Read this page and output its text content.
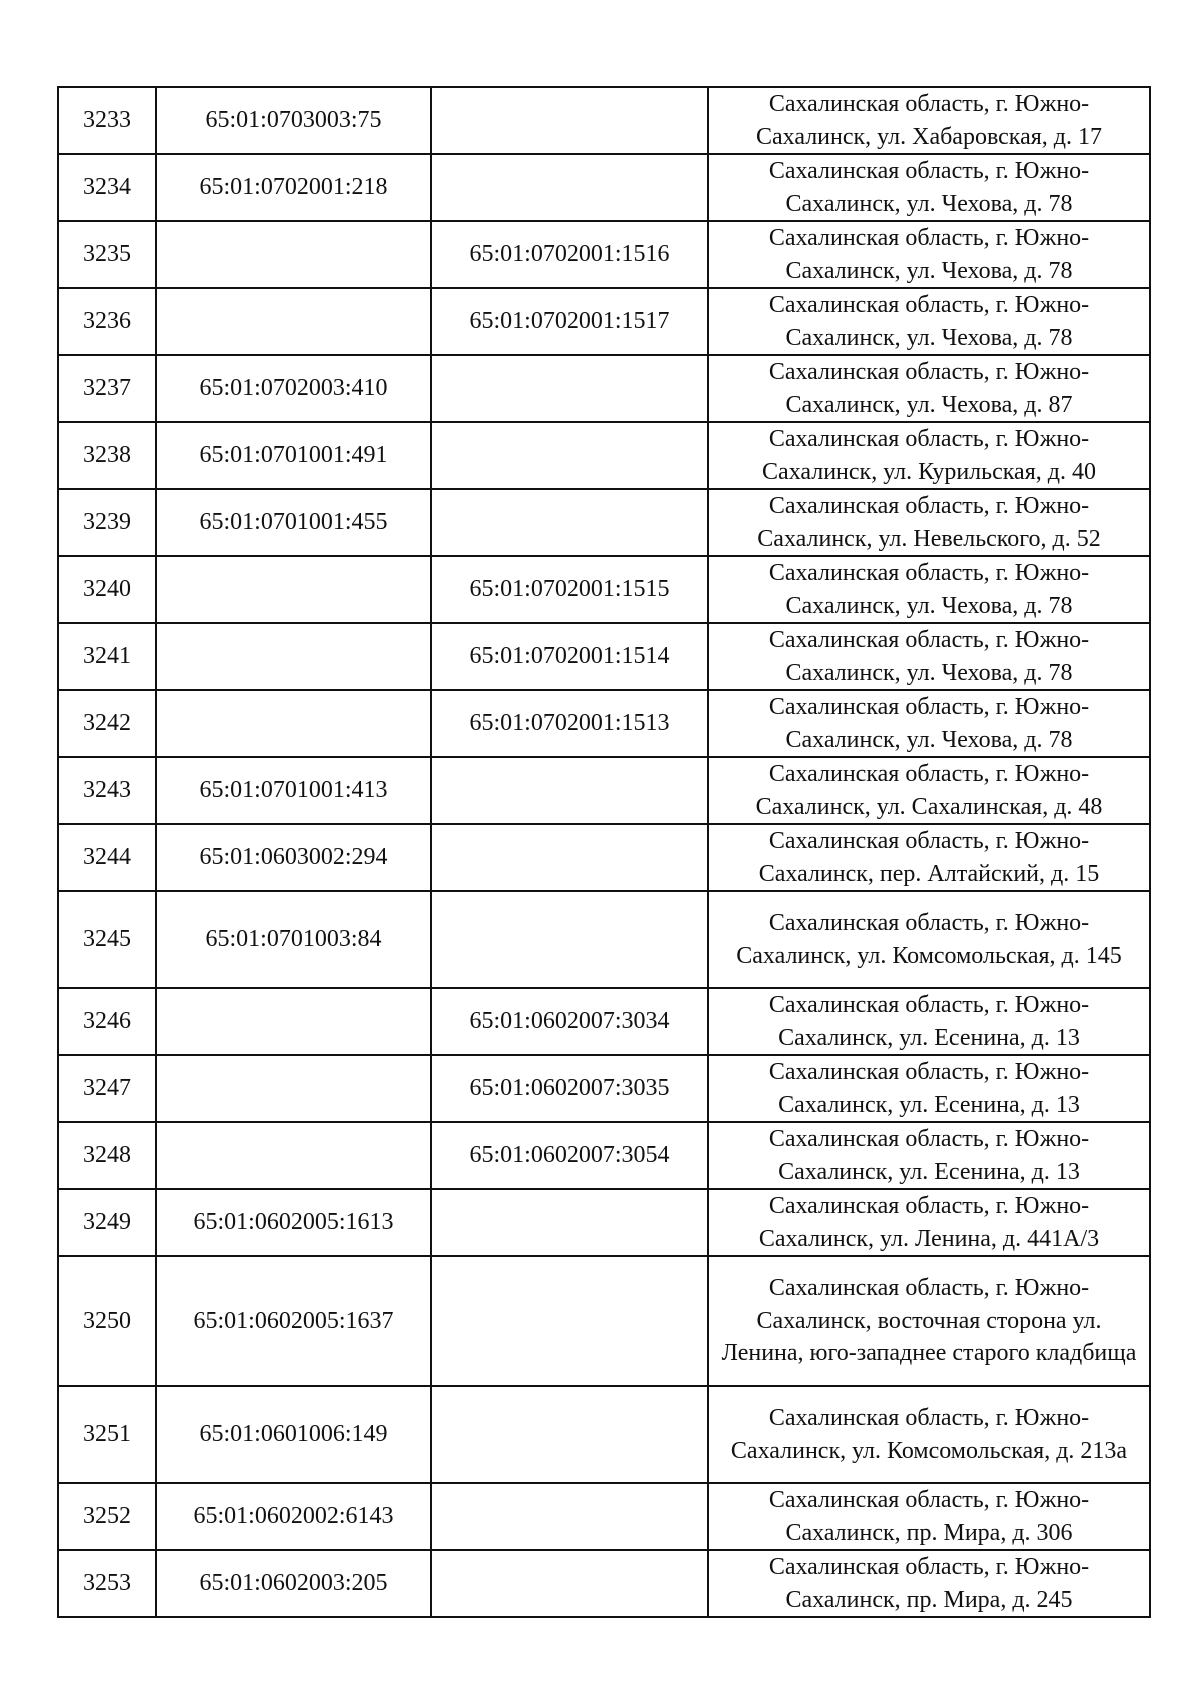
3233	65:01:0703003:75		Сахалинская область, г. Южно-Сахалинск, ул. Хабаровская, д. 17
3234	65:01:0702001:218		Сахалинская область, г. Южно-Сахалинск, ул. Чехова, д. 78
3235		65:01:0702001:1516	Сахалинская область, г. Южно-Сахалинск, ул. Чехова, д. 78
3236		65:01:0702001:1517	Сахалинская область, г. Южно-Сахалинск, ул. Чехова, д. 78
3237	65:01:0702003:410		Сахалинская область, г. Южно-Сахалинск, ул. Чехова, д. 87
3238	65:01:0701001:491		Сахалинская область, г. Южно-Сахалинск, ул. Курильская, д. 40
3239	65:01:0701001:455		Сахалинская область, г. Южно-Сахалинск, ул. Невельского, д. 52
3240		65:01:0702001:1515	Сахалинская область, г. Южно-Сахалинск, ул. Чехова, д. 78
3241		65:01:0702001:1514	Сахалинская область, г. Южно-Сахалинск, ул. Чехова, д. 78
3242		65:01:0702001:1513	Сахалинская область, г. Южно-Сахалинск, ул. Чехова, д. 78
3243	65:01:0701001:413		Сахалинская область, г. Южно-Сахалинск, ул. Сахалинская, д. 48
3244	65:01:0603002:294		Сахалинская область, г. Южно-Сахалинск, пер. Алтайский, д. 15
3245	65:01:0701003:84		Сахалинская область, г. Южно-Сахалинск, ул. Комсомольская, д. 145
3246		65:01:0602007:3034	Сахалинская область, г. Южно-Сахалинск, ул. Есенина, д. 13
3247		65:01:0602007:3035	Сахалинская область, г. Южно-Сахалинск, ул. Есенина, д. 13
3248		65:01:0602007:3054	Сахалинская область, г. Южно-Сахалинск, ул. Есенина, д. 13
3249	65:01:0602005:1613		Сахалинская область, г. Южно-Сахалинск, ул. Ленина, д. 441А/3
3250	65:01:0602005:1637		Сахалинская область, г. Южно-Сахалинск, восточная сторона ул. Ленина, юго-западнее старого кладбища
3251	65:01:0601006:149		Сахалинская область, г. Южно-Сахалинск, ул. Комсомольская, д. 213а
3252	65:01:0602002:6143		Сахалинская область, г. Южно-Сахалинск, пр. Мира, д. 306
3253	65:01:0602003:205		Сахалинская область, г. Южно-Сахалинск, пр. Мира, д. 245
